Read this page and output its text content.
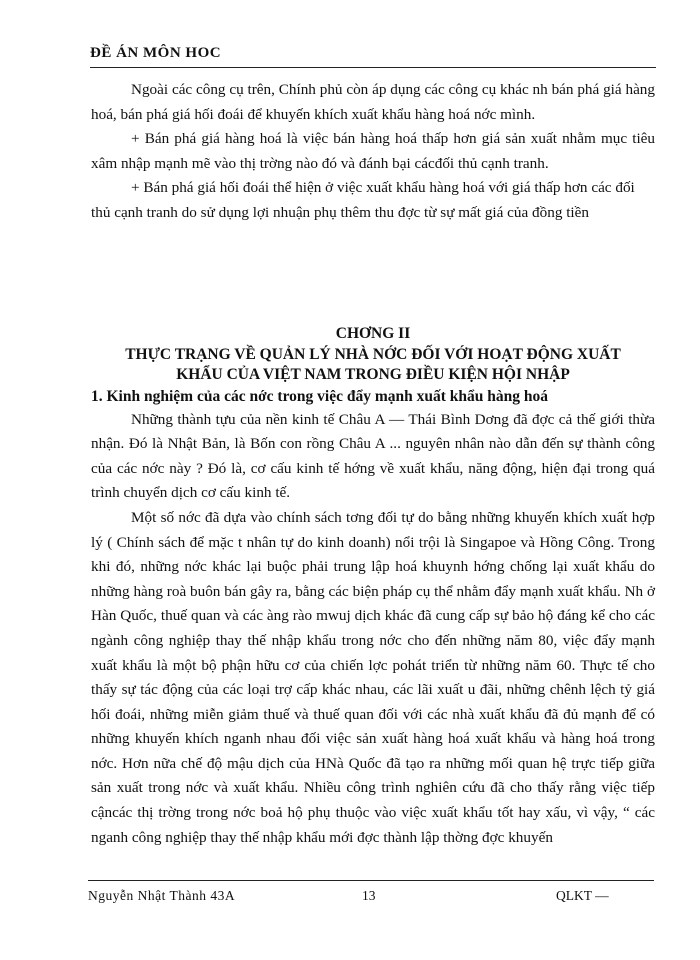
ĐỀ ÁN MÔN HOC

Ngoài các công cụ trên, Chính phủ còn áp dụng các công cụ khác nh bán phá giá hàng hoá, bán phá giá hối đoái để khuyến khích xuất khẩu hàng hoá nớc mình.

+ Bán phá giá hàng hoá là việc bán hàng hoá thấp hơn giá sản xuất nhằm mục tiêu xâm nhập mạnh mẽ vào thị trờng nào đó và đánh bại cácđối thủ cạnh tranh.

+ Bán phá giá hối đoái thể hiện ở việc xuất khẩu hàng hoá với giá thấp hơn các đối thủ cạnh tranh do sử dụng lợi nhuận phụ thêm thu đợc từ sự mất giá của đồng tiền

CHƠNG II

THỰC TRẠNG VỀ QUẢN LÝ NHÀ NỚC ĐỐI VỚI HOẠT ĐỘNG XUẤT

KHẨU CỦA VIỆT NAM TRONG ĐIỀU KIỆN HỘI NHẬP

1. Kinh nghiệm của các nớc trong việc đẩy mạnh xuất khẩu hàng hoá

Những thành tựu của nền kinh tế Châu A — Thái Bình Dơng đã đợc cả thế giới thừa nhận. Đó là Nhật Bản, là Bốn con rồng Châu A ... nguyên nhân nào dẫn đến sự thành công của các nớc này ? Đó là, cơ cấu kinh tế hớng về xuất khẩu, năng động, hiện đại trong quá trình chuyển dịch cơ cấu kinh tế.

Một số nớc đã dựa vào chính sách tơng đối tự do bằng những khuyến khích xuất hợp lý ( Chính sách để mặc t nhân tự do kinh doanh) nổi trội là Singapoe và Hồng Công. Trong khi đó, những nớc khác lại buộc phải trung lập hoá khuynh hớng chống lại xuất khẩu do những hàng roà buôn bán gây ra, bằng các biện pháp cụ thể nhằm đẩy mạnh xuất khẩu. Nh ở Hàn Quốc, thuế quan và các àng rào mwuj dịch khác đã cung cấp sự bảo hộ đáng kể cho các ngành công nghiệp thay thế nhập khẩu trong nớc cho đến những năm 80, việc đẩy mạnh xuất khẩu là một bộ phận hữu cơ của chiến lợc pohát triển từ những năm 60. Thực tế cho thấy sự tác động của các loại trợ cấp khác nhau, các lãi xuất u đãi, những chênh lệch tỷ giá hối đoái, những miễn giảm thuế và thuế quan đối với các nhà xuất khẩu đã đủ mạnh để có những khuyến khích nganh nhau đối việc sản xuất hàng hoá xuất khẩu và hàng hoá trong nớc. Hơn nữa chế độ mậu dịch của HNà Quốc đã tạo ra những mối quan hệ trực tiếp giữa sản xuất trong nớc và xuất khẩu. Nhiều công trình nghiên cứu đã cho thấy rằng việc tiếp cậncác thị trờng trong nớc boả hộ phụ thuộc vào việc xuất khẩu tốt hay xấu, vì vậy, “ các nganh công nghiệp thay thế nhập khẩu mới đợc thành lập thờng đợc khuyến

Nguyễn Nhật Thành 43A	13	QLKT —
